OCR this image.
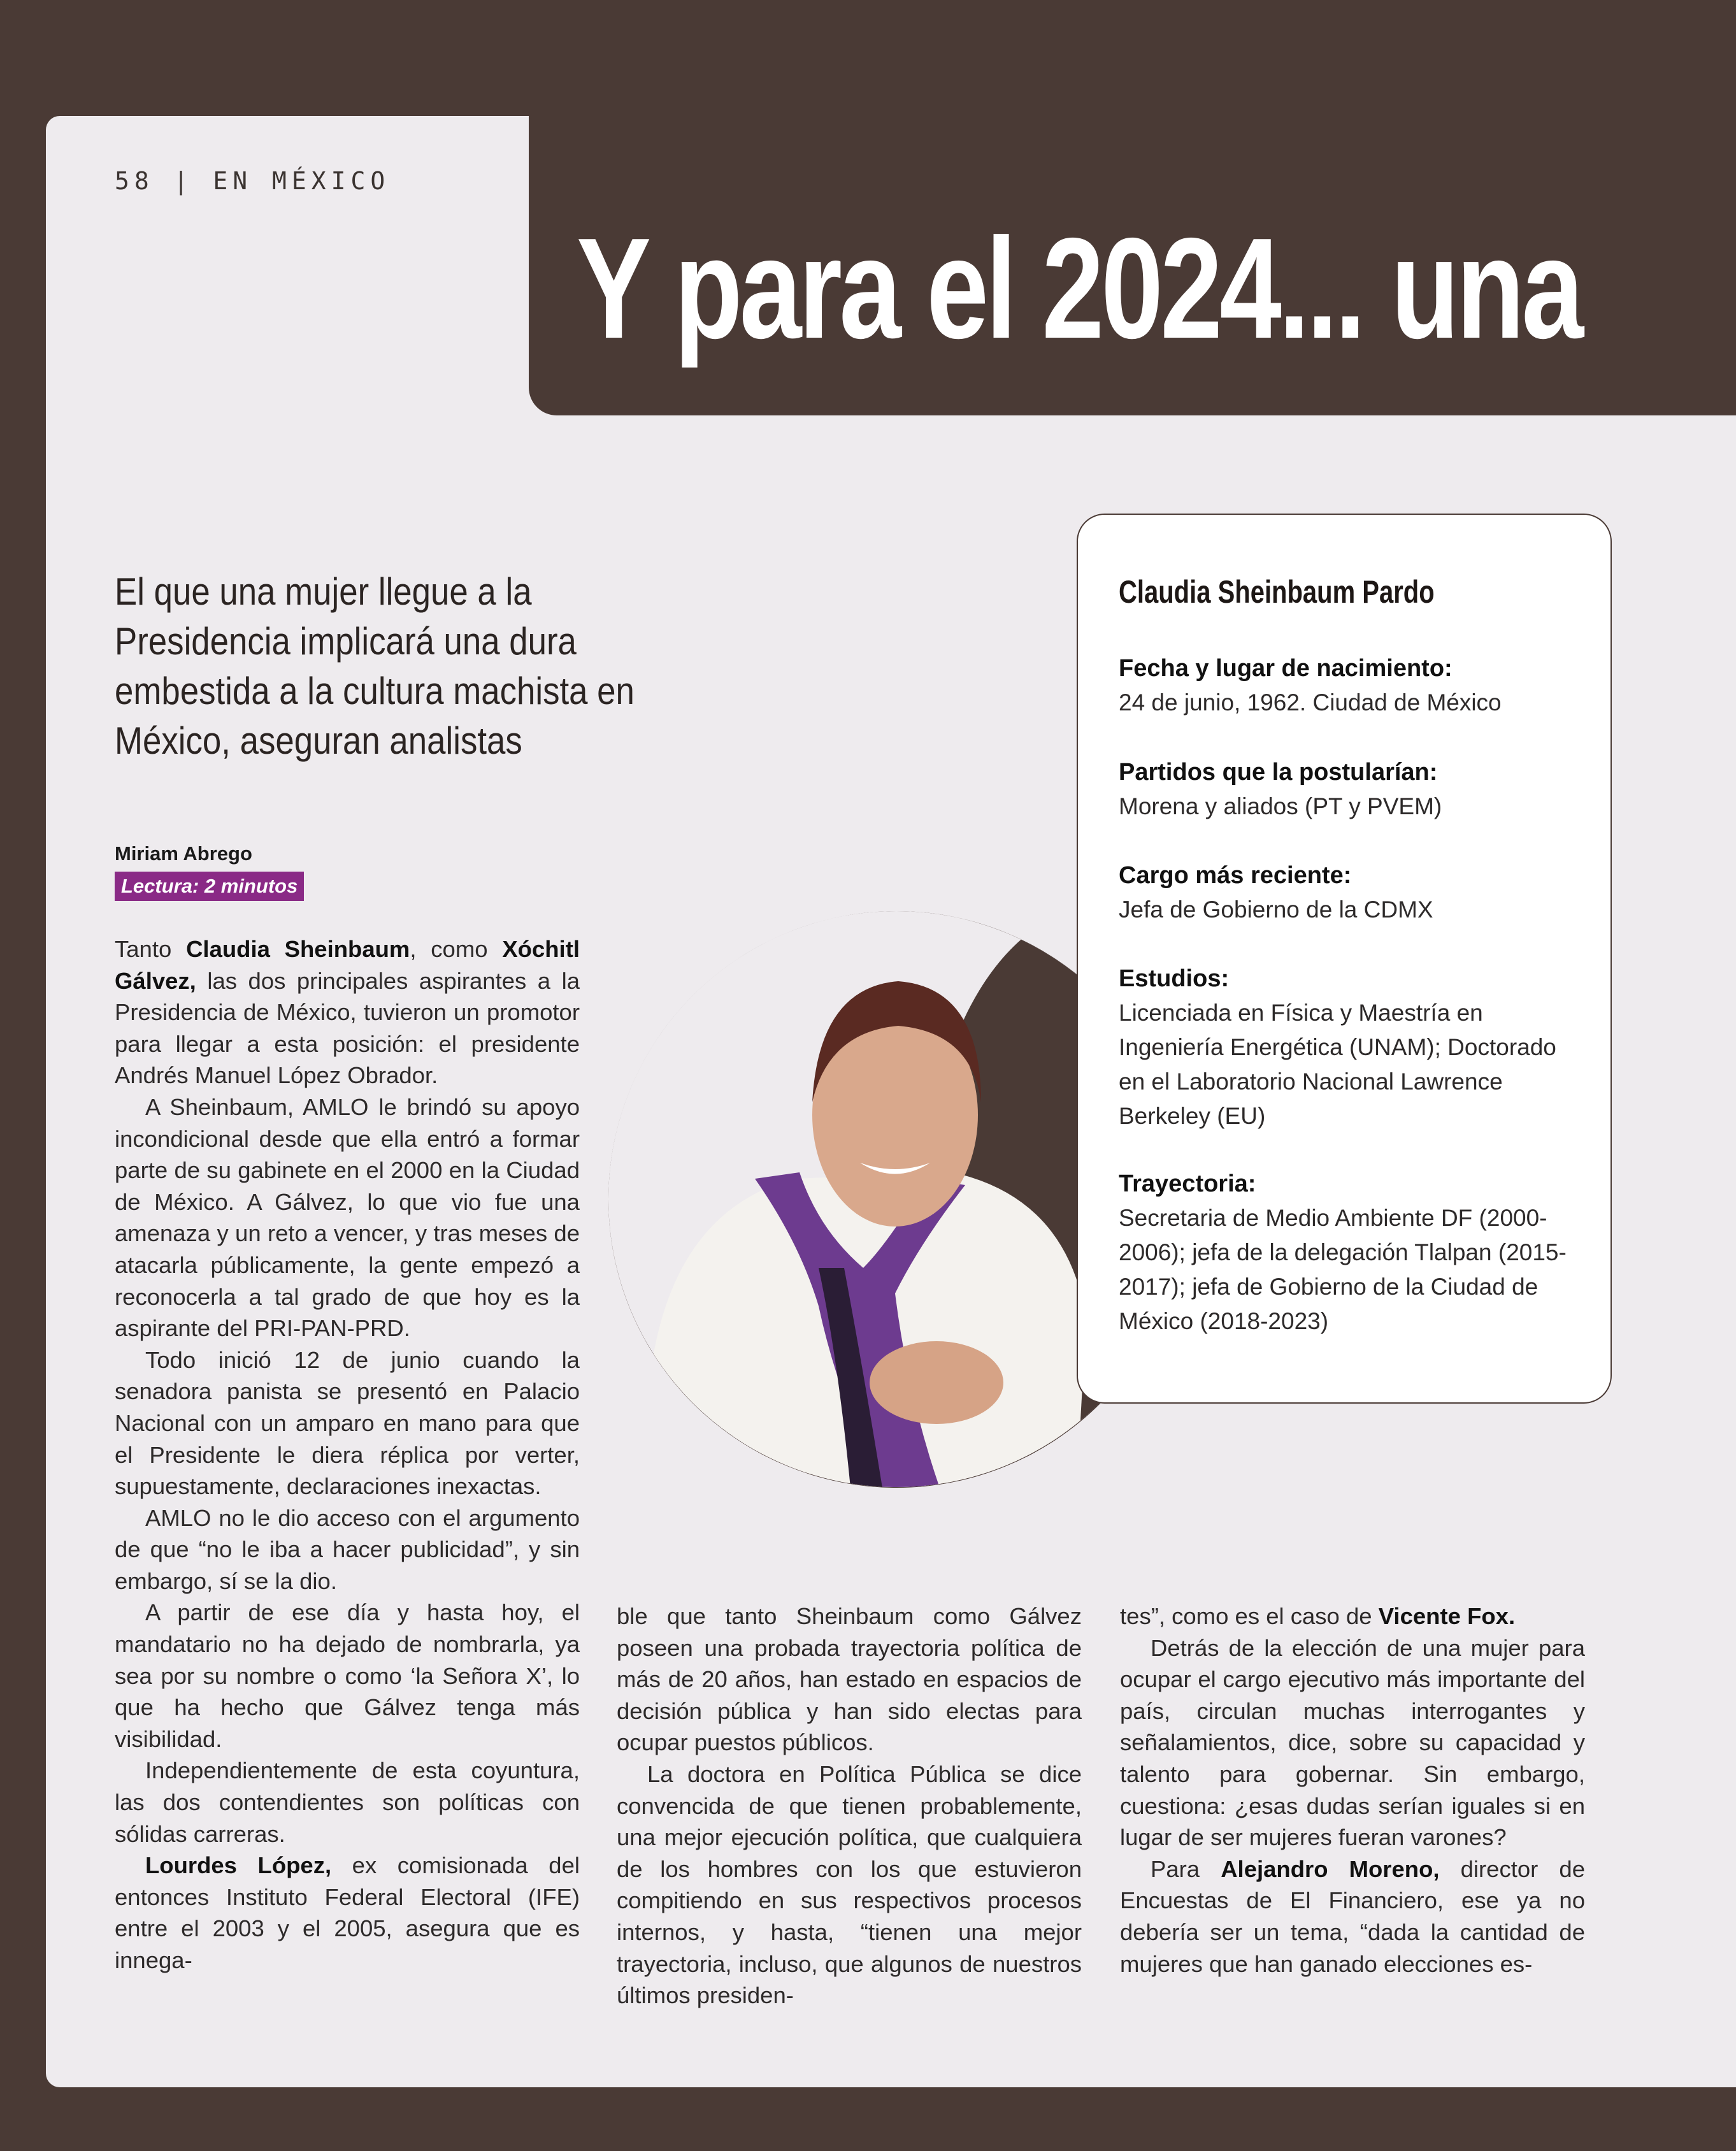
58 | EN MÉXICO
Y para el 2024... una

El que una mujer llegue a la Presidencia implicará una dura embestida a la cultura machista en México, aseguran analistas

Miriam Abrego
Lectura: 2 minutos
Claudia Sheinbaum Pardo
Fecha y lugar de nacimiento:
24 de junio, 1962. Ciudad de México
Partidos que la postularían:
Morena y aliados (PT y PVEM)
Cargo más reciente:
Jefa de Gobierno de la CDMX
Estudios:
Licenciada en Física y Maestría en Ingeniería Energética (UNAM); Doctorado en el Laboratorio Nacional Lawrence Berkeley (EU)
Trayectoria:
Secretaria de Medio Ambiente DF (2000-2006); jefa de la delegación Tlalpan (2015-2017); jefa de Gobierno de la Ciudad de México (2018-2023)

Tanto Claudia Sheinbaum, como Xóchitl Gálvez, las dos principales aspirantes a la Presidencia de México, tuvieron un promotor para llegar a esta posición: el presidente Andrés Manuel López Obrador.

A Sheinbaum, AMLO le brindó su apoyo incondicional desde que ella entró a formar parte de su gabinete en el 2000 en la Ciudad de México. A Gálvez, lo que vio fue una amenaza y un reto a vencer, y tras meses de atacarla públicamente, la gente empezó a reconocerla a tal grado de que hoy es la aspirante del PRI-PAN-PRD.

Todo inició 12 de junio cuando la senadora panista se presentó en Palacio Nacional con un amparo en mano para que el Presidente le diera réplica por verter, supuestamente, declaraciones inexactas.

AMLO no le dio acceso con el argumento de que “no le iba a hacer publicidad”, y sin embargo, sí se la dio.

A partir de ese día y hasta hoy, el mandatario no ha dejado de nombrarla, ya sea por su nombre o como ‘la Señora X’, lo que ha hecho que Gálvez tenga más visibilidad.

Independientemente de esta coyuntura, las dos contendientes son políticas con sólidas carreras.

Lourdes López, ex comisionada del entonces Instituto Federal Electoral (IFE) entre el 2003 y el 2005, asegura que es innega-

ble que tanto Sheinbaum como Gálvez poseen una probada trayectoria política de más de 20 años, han estado en espacios de decisión pública y han sido electas para ocupar puestos públicos.

La doctora en Política Pública se dice convencida de que tienen probablemente, una mejor ejecución política, que cualquiera de los hombres con los que estuvieron compitiendo en sus respectivos procesos internos, y hasta, “tienen una mejor trayectoria, incluso, que algunos de nuestros últimos presiden-

tes”, como es el caso de Vicente Fox.

Detrás de la elección de una mujer para ocupar el cargo ejecutivo más importante del país, circulan muchas interrogantes y señalamientos, dice, sobre su capacidad y talento para gobernar. Sin embargo, cuestiona: ¿esas dudas serían iguales si en lugar de ser mujeres fueran varones?

Para Alejandro Moreno, director de Encuestas de El Financiero, ese ya no debería ser un tema, “dada la cantidad de mujeres que han ganado elecciones es-
